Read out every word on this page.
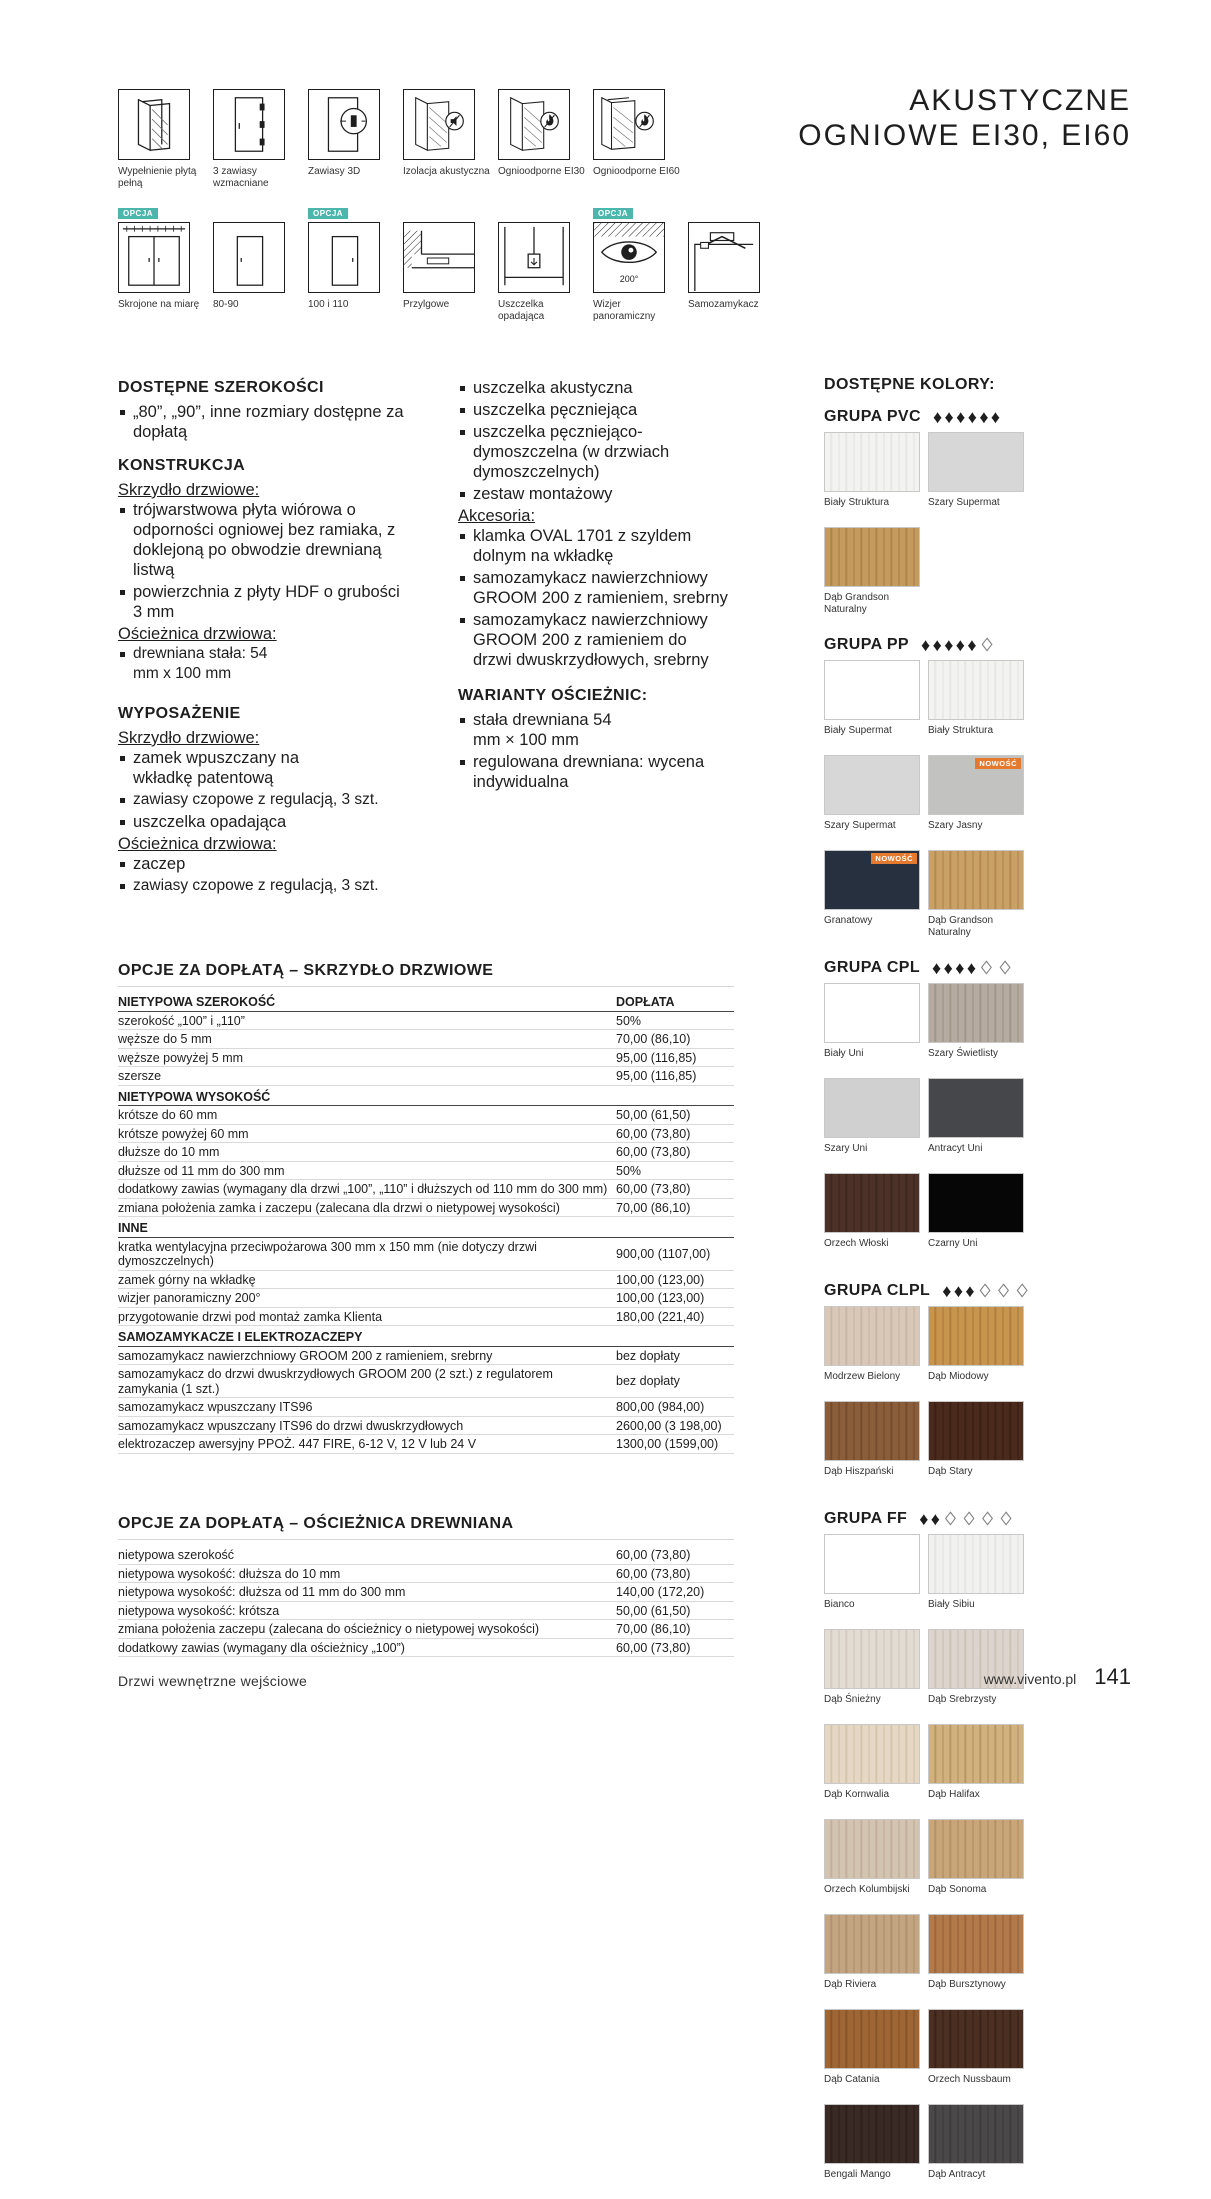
AKUSTYCZNE
OGNIOWE EI30, EI60
Wypełnienie płytą pełną
3 zawiasy wzmacniane
Zawiasy 3D	Izolacja akustyczna Ognioodporne EI30 Ognioodporne EI60
OPCJA
Skrojone na miarę	80-90
OPCJA
100 i 110	Przylgowe	Uszczelka opadająca
OPCJA
200°
Wizjer panoramiczny
Samozamykacz
DOSTĘPNE SZEROKOŚCI
„80”, „90”, inne rozmiary dostępne za dopłatą
KONSTRUKCJA
Skrzydło drzwiowe:
trójwarstwowa płyta wiórowa o odporności ogniowej bez ramiaka, z doklejoną po obwodzie drewnianą listwą
powierzchnia z płyty HDF o grubości 3 mm
Ościeżnica drzwiowa:
drewniana stała: 54 mm x 100 mm
WYPOSAŻENIE
Skrzydło drzwiowe:
zamek wpuszczany na wkładkę patentową
zawiasy czopowe z regulacją, 3 szt.
uszczelka opadająca
Ościeżnica drzwiowa:
zaczep
zawiasy czopowe z regulacją, 3 szt.
uszczelka akustyczna
uszczelka pęczniejąca
uszczelka pęczniejąco-dymoszczelna (w drzwiach dymoszczelnych)
zestaw montażowy
Akcesoria:
klamka OVAL 1701 z szyldem dolnym na wkładkę
samozamykacz nawierzchniowy GROOM 200 z ramieniem, srebrny
samozamykacz nawierzchniowy GROOM 200 z ramieniem do drzwi dwuskrzydłowych, srebrny
WARIANTY OŚCIEŻNIC:
stała drewniana 54 mm × 100 mm
regulowana drewniana: wycena indywidualna
OPCJE ZA DOPŁATĄ – SKRZYDŁO DRZWIOWE
NIETYPOWA SZEROKOŚĆ	DOPŁATA
szerokość „100” i „110”	50%
węższe do 5 mm	70,00 (86,10)
węższe powyżej 5 mm	95,00 (116,85)
szersze	95,00 (116,85)
NIETYPOWA WYSOKOŚĆ
krótsze do 60 mm	50,00 (61,50)
krótsze powyżej 60 mm	60,00 (73,80)
dłuższe do 10 mm	60,00 (73,80)
dłuższe od 11 mm do 300 mm	50%
dodatkowy zawias (wymagany dla drzwi „100”, „110” i dłuższych od 110 mm do 300 mm) 60,00 (73,80)
zmiana położenia zamka i zaczepu (zalecana dla drzwi o nietypowej wysokości)	70,00 (86,10)
INNE
kratka wentylacyjna przeciwpożarowa 300 mm x 150 mm (nie dotyczy drzwi dymoszczelnych)
900,00 (1107,00)
zamek górny na wkładkę	100,00 (123,00)
wizjer panoramiczny 200°	100,00 (123,00)
przygotowanie drzwi pod montaż zamka Klienta	180,00 (221,40)
SAMOZAMYKACZE I ELEKTROZACZEPY
samozamykacz nawierzchniowy GROOM 200 z ramieniem, srebrny	bez dopłaty
samozamykacz do drzwi dwuskrzydłowych GROOM 200 (2 szt.) z regulatorem zamykania (1 szt.)
bez dopłaty
samozamykacz wpuszczany ITS96	800,00 (984,00)
samozamykacz wpuszczany ITS96 do drzwi dwuskrzydłowych	2600,00 (3 198,00)
elektrozaczep awersyjny PPOŻ. 447 FIRE, 6-12 V, 12 V lub 24 V	1300,00 (1599,00)
OPCJE ZA DOPŁATĄ – OŚCIEŻNICA DREWNIANA
nietypowa szerokość	60,00 (73,80)
nietypowa wysokość: dłuższa do 10 mm	60,00 (73,80)
nietypowa wysokość: dłuższa od 11 mm do 300 mm	140,00 (172,20)
nietypowa wysokość: krótsza	50,00 (61,50)
zmiana położenia zaczepu (zalecana do ościeżnicy o nietypowej wysokości)	70,00 (86,10)
dodatkowy zawias (wymagany dla ościeżnicy „100”)	60,00 (73,80)
DOSTĘPNE KOLORY:
GRUPA PVC ♦ ♦ ♦ ♦ ♦ ♦
Biały Struktura	Szary Supermat
Dąb Grandson Naturalny
GRUPA PP ♦ ♦ ♦ ♦ ♦ ♢
Biały Supermat	Biały Struktura
Szary Supermat
NOWOŚĆ
Szary Jasny
NOWOŚĆ
Granatowy	Dąb Grandson Naturalny
GRUPA CPL ♦ ♦ ♦ ♦ ♢ ♢
Biały Uni	Szary Świetlisty
Szary Uni	Antracyt Uni
Orzech Włoski	Czarny Uni
GRUPA CLPL ♦ ♦ ♦ ♢ ♢ ♢
Modrzew Bielony	Dąb Miodowy
Dąb Hiszpański	Dąb Stary
GRUPA FF ♦ ♦ ♢ ♢ ♢ ♢
Bianco	Biały Sibiu
Dąb Śnieżny	Dąb Srebrzysty
Dąb Kornwalia	Dąb Halifax
Orzech Kolumbijski	Dąb Sonoma
Dąb Riviera	Dąb Bursztynowy
Dąb Catania	Orzech Nussbaum
Bengali Mango	Dąb Antracyt
Drzwi wewnętrzne wejściowe	www.vivento.pl 141
